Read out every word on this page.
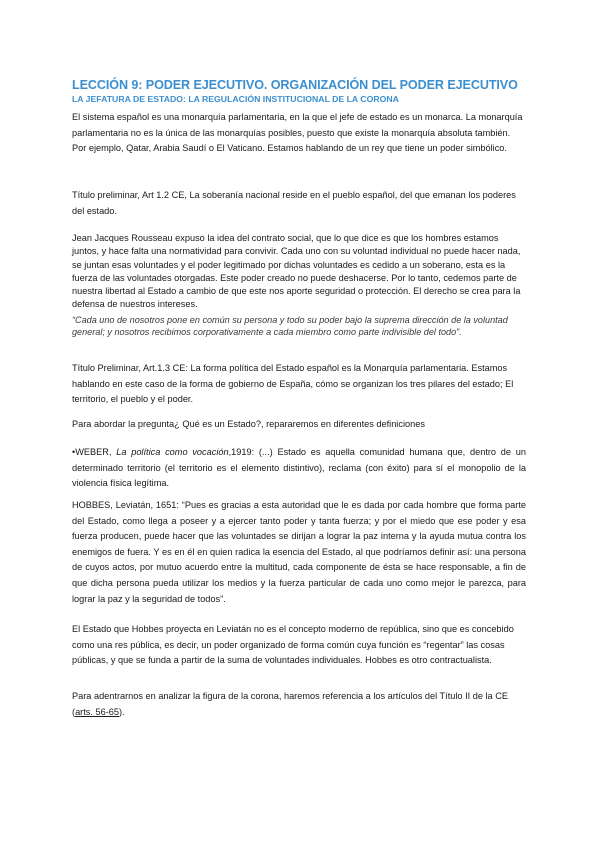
LECCIÓN 9: PODER EJECUTIVO. ORGANIZACIÓN DEL PODER EJECUTIVO
LA JEFATURA DE ESTADO: LA REGULACIÓN INSTITUCIONAL DE LA CORONA

El sistema español es una monarquía parlamentaria, en la que el jefe de estado es un monarca. La monarquía parlamentaria no es la única de las monarquías posibles, puesto que existe la monarquía absoluta también. Por ejemplo, Qatar, Arabia Saudí o El Vaticano. Estamos hablando de un rey que tiene un poder simbólico.

Título preliminar, Art 1.2 CE, La soberanía nacional reside en el pueblo español, del que emanan los poderes del estado.

Jean Jacques Rousseau expuso la idea del contrato social, que lo que dice es que los hombres estamos juntos, y hace falta una normatividad para convivir. Cada uno con su voluntad individual no puede hacer nada, se juntan esas voluntades y el poder legitimado por dichas voluntades es cedido a un soberano, esta es la fuerza de las voluntades otorgadas. Este poder creado no puede deshacerse. Por lo tanto, cedemos parte de nuestra libertad al Estado a cambio de que este nos aporte seguridad o protección. El derecho se crea para la defensa de nuestros intereses.

“Cada uno de nosotros pone en común su persona y todo su poder bajo la suprema dirección de la voluntad general; y nosotros recibimos corporativamente a cada miembro como parte indivisible del todo”.

Título Preliminar, Art.1.3 CE: La forma política del Estado español es la Monarquía parlamentaria. Estamos hablando en este caso de la forma de gobierno de España, cómo se organizan los tres pilares del estado; El territorio, el pueblo y el poder.

Para abordar la pregunta¿ Qué es un Estado?, repararemos en diferentes definiciones

•WEBER, La política como vocación,1919: (...) Estado es aquella comunidad humana que, dentro de un determinado territorio (el territorio es el elemento distintivo), reclama (con éxito) para sí el monopolio de la violencia física legítima.

HOBBES, Leviatán, 1651: “Pues es gracias a esta autoridad que le es dada por cada hombre que forma parte del Estado, como llega a poseer y a ejercer tanto poder y tanta fuerza; y por el miedo que ese poder y esa fuerza producen, puede hacer que las voluntades se dirijan a lograr la paz interna y la ayuda mutua contra los enemigos de fuera. Y es en él en quien radica la esencia del Estado, al que podríamos definir así: una persona de cuyos actos, por mutuo acuerdo entre la multitud, cada componente de ésta se hace responsable, a fin de que dicha persona pueda utilizar los medios y la fuerza particular de cada uno como mejor le parezca, para lograr la paz y la seguridad de todos”.

El Estado que Hobbes proyecta en Leviatán no es el concepto moderno de república, sino que es concebido como una res pública, es decir, un poder organizado de forma común cuya función es “regentar” las cosas públicas, y que se funda a partir de la suma de voluntades individuales. Hobbes es otro contractualista.

Para adentrarnos en analizar la figura de la corona, haremos referencia a los artículos del Título II de la CE (arts. 56-65).
